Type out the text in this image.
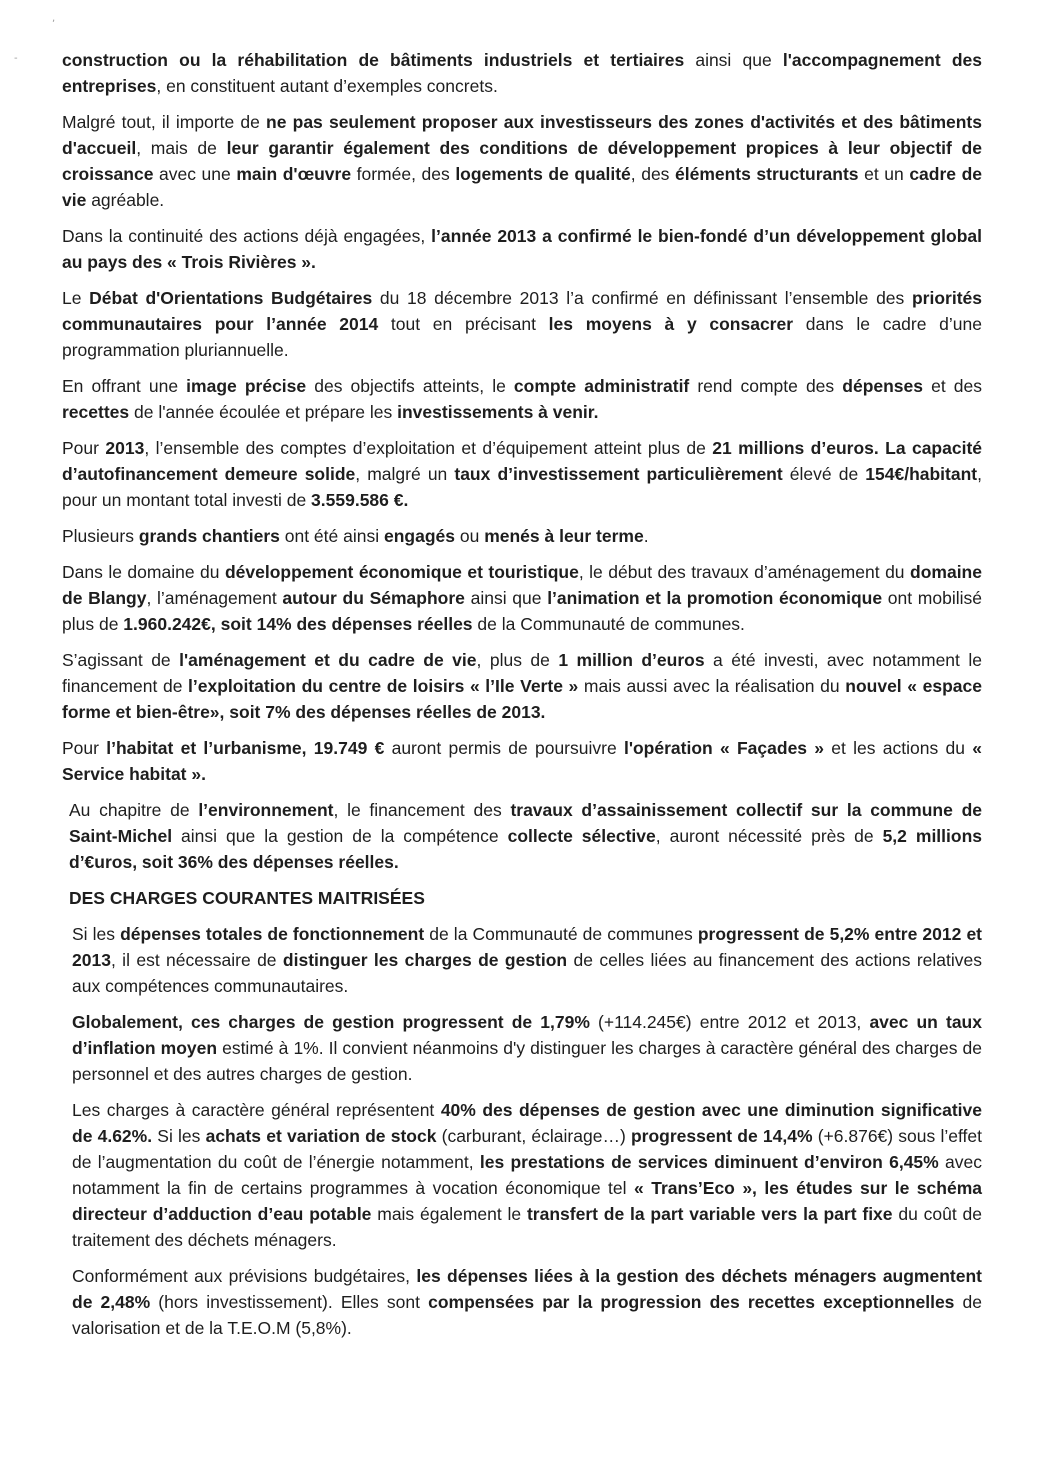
,
-	construction ou la réhabilitation de bâtiments industriels et tertiaires ainsi que l'accompagnement des entreprises, en constituent autant d’exemples concrets.

Malgré tout, il importe de ne pas seulement proposer aux investisseurs des zones d'activités et des bâtiments d'accueil, mais de leur garantir également des conditions de développement propices à leur objectif de croissance avec une main d'œuvre formée, des logements de qualité, des éléments structurants et un cadre de vie agréable.

Dans la continuité des actions déjà engagées, l’année 2013 a confirmé le bien-fondé d’un développement global au pays des « Trois Rivières ».

Le Débat d'Orientations Budgétaires du 18 décembre 2013 l’a confirmé en définissant l’ensemble des priorités communautaires pour l’année 2014 tout en précisant les moyens à y consacrer dans le cadre d’une programmation pluriannuelle.

En offrant une image précise des objectifs atteints, le compte administratif rend compte des dépenses et des recettes de l'année écoulée et prépare les investissements à venir.

Pour 2013, l’ensemble des comptes d’exploitation et d’équipement atteint plus de 21 millions d’euros. La capacité d’autofinancement demeure solide, malgré un taux d’investissement particulièrement élevé de 154€/habitant, pour un montant total investi de 3.559.586 €.

Plusieurs grands chantiers ont été ainsi engagés ou menés à leur terme.

Dans le domaine du développement économique et touristique, le début des travaux d’aménagement du domaine de Blangy, l’aménagement autour du Sémaphore ainsi que l’animation et la promotion économique ont mobilisé plus de 1.960.242€, soit 14% des dépenses réelles de la Communauté de communes.

S’agissant de l'aménagement et du cadre de vie, plus de 1 million d’euros a été investi, avec notamment le financement de l’exploitation du centre de loisirs « l’Ile Verte » mais aussi avec la réalisation du nouvel « espace forme et bien-être», soit 7% des dépenses réelles de 2013.

Pour l’habitat et l’urbanisme, 19.749 € auront permis de poursuivre l'opération « Façades » et les actions du « Service habitat ».

Au chapitre de l’environnement, le financement des travaux d’assainissement collectif sur la commune de Saint-Michel ainsi que la gestion de la compétence collecte sélective, auront nécessité près de 5,2 millions d’€uros, soit 36% des dépenses réelles.

DES CHARGES COURANTES MAITRISÉES

Si les dépenses totales de fonctionnement de la Communauté de communes progressent de 5,2% entre 2012 et 2013, il est nécessaire de distinguer les charges de gestion de celles liées au financement des actions relatives aux compétences communautaires.

Globalement, ces charges de gestion progressent de 1,79% (+114.245€) entre 2012 et 2013, avec un taux d’inflation moyen estimé à 1%. Il convient néanmoins d'y distinguer les charges à caractère général des charges de personnel et des autres charges de gestion.

Les charges à caractère général représentent 40% des dépenses de gestion avec une diminution significative de 4.62%. Si les achats et variation de stock (carburant, éclairage…) progressent de 14,4% (+6.876€) sous l’effet de l’augmentation du coût de l’énergie notamment, les prestations de services diminuent d’environ 6,45% avec notamment la fin de certains programmes à vocation économique tel « Trans’Eco », les études sur le schéma directeur d’adduction d’eau potable mais également le transfert de la part variable vers la part fixe du coût de traitement des déchets ménagers.

Conformément aux prévisions budgétaires, les dépenses liées à la gestion des déchets ménagers augmentent de 2,48% (hors investissement). Elles sont compensées par la progression des recettes exceptionnelles de valorisation et de la T.E.O.M (5,8%).
